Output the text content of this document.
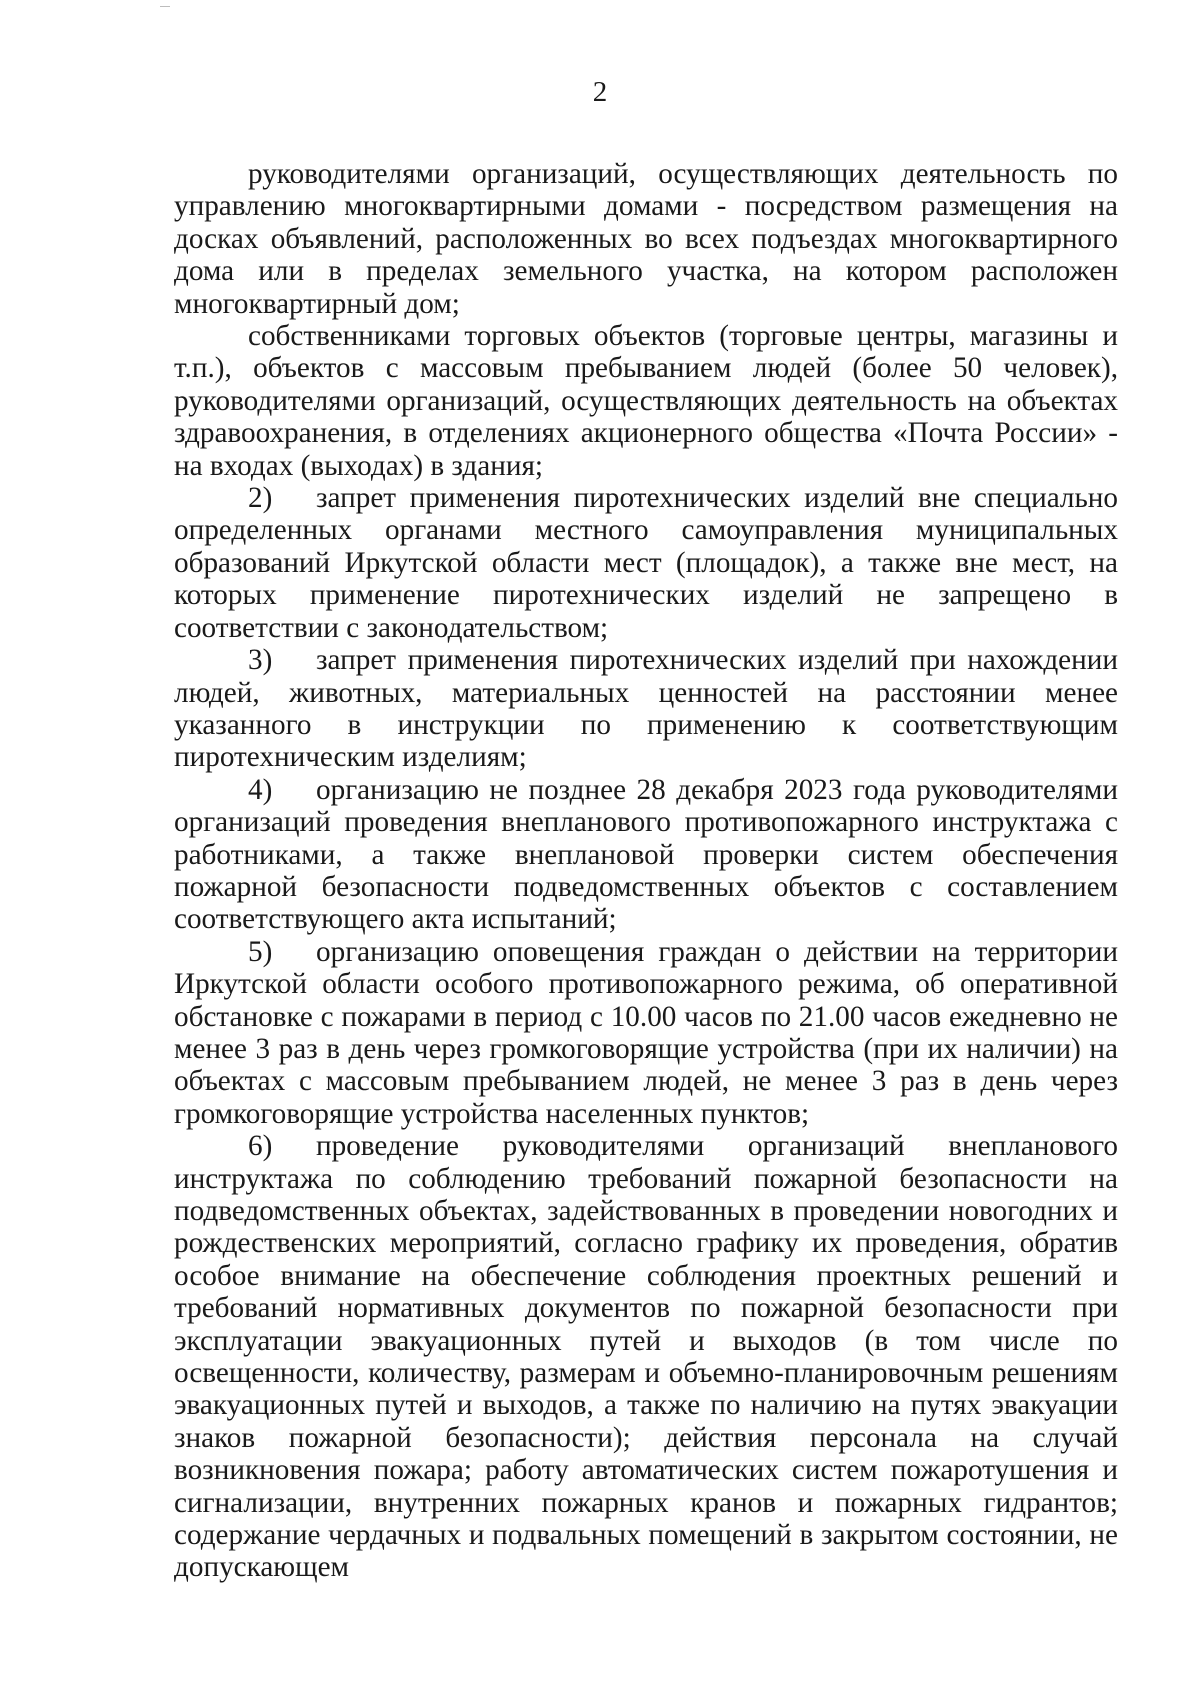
2

руководителями организаций, осуществляющих деятельность по управлению многоквартирными домами - посредством размещения на досках объявлений, расположенных во всех подъездах многоквартирного дома или в пределах земельного участка, на котором расположен многоквартирный дом;

собственниками торговых объектов (торговые центры, магазины и т.п.), объектов с массовым пребыванием людей (более 50 человек), руководителями организаций, осуществляющих деятельность на объектах здравоохранения, в отделениях акционерного общества «Почта России» - на входах (выходах) в здания;

2) запрет применения пиротехнических изделий вне специально определенных органами местного самоуправления муниципальных образований Иркутской области мест (площадок), а также вне мест, на которых применение пиротехнических изделий не запрещено в соответствии с законодательством;

3) запрет применения пиротехнических изделий при нахождении людей, животных, материальных ценностей на расстоянии менее указанного в инструкции по применению к соответствующим пиротехническим изделиям;

4) организацию не позднее 28 декабря 2023 года руководителями организаций проведения внепланового противопожарного инструктажа с работниками, а также внеплановой проверки систем обеспечения пожарной безопасности подведомственных объектов с составлением соответствующего акта испытаний;

5) организацию оповещения граждан о действии на территории Иркутской области особого противопожарного режима, об оперативной обстановке с пожарами в период с 10.00 часов по 21.00 часов ежедневно не менее 3 раз в день через громкоговорящие устройства (при их наличии) на объектах с массовым пребыванием людей, не менее 3 раз в день через громкоговорящие устройства населенных пунктов;

6) проведение руководителями организаций внепланового инструктажа по соблюдению требований пожарной безопасности на подведомственных объектах, задействованных в проведении новогодних и рождественских мероприятий, согласно графику их проведения, обратив особое внимание на обеспечение соблюдения проектных решений и требований нормативных документов по пожарной безопасности при эксплуатации эвакуационных путей и выходов (в том числе по освещенности, количеству, размерам и объемно-планировочным решениям эвакуационных путей и выходов, а также по наличию на путях эвакуации знаков пожарной безопасности); действия персонала на случай возникновения пожара; работу автоматических систем пожаротушения и сигнализации, внутренних пожарных кранов и пожарных гидрантов; содержание чердачных и подвальных помещений в закрытом состоянии, не допускающем
